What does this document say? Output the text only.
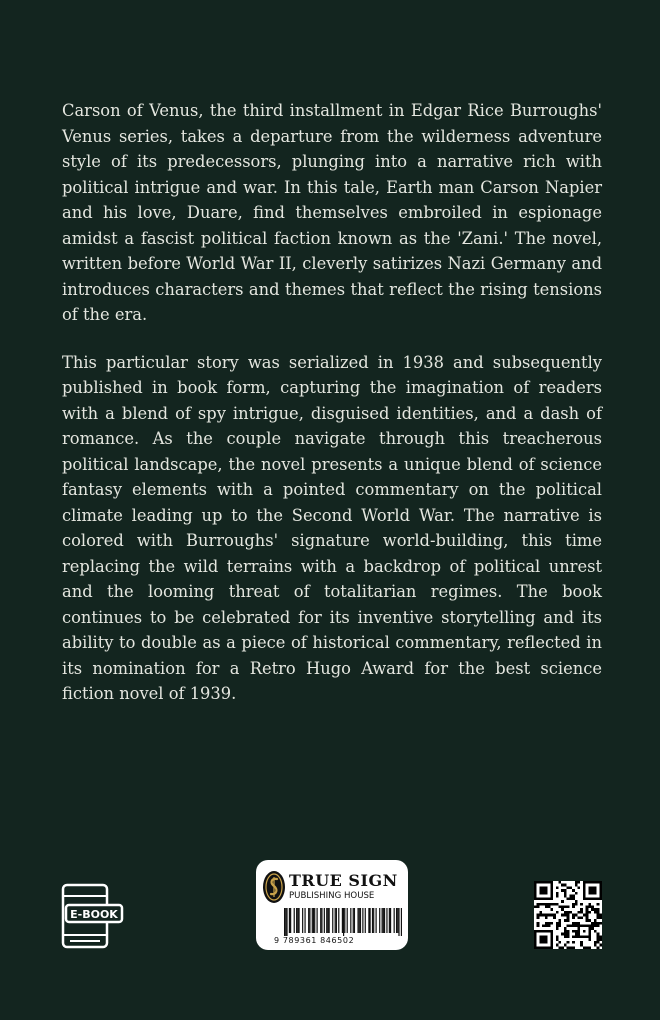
Carson of Venus, the third installment in Edgar Rice Burroughs' Venus series, takes a departure from the wilderness adventure style of its predecessors, plunging into a narrative rich with political intrigue and war. In this tale, Earth man Carson Napier and his love, Duare, find themselves embroiled in espionage amidst a fascist political faction known as the 'Zani.' The novel, written before World War II, cleverly satirizes Nazi Germany and introduces characters and themes that reflect the rising tensions of the era.

This particular story was serialized in 1938 and subsequently published in book form, capturing the imagination of readers with a blend of spy intrigue, disguised identities, and a dash of romance. As the couple navigate through this treacherous political landscape, the novel presents a unique blend of science fantasy elements with a pointed commentary on the political climate leading up to the Second World War. The narrative is colored with Burroughs' signature world-building, this time replacing the wild terrains with a backdrop of political unrest and the looming threat of totalitarian regimes. The book continues to be celebrated for its inventive storytelling and its ability to double as a piece of historical commentary, reflected in its nomination for a Retro Hugo Award for the best science fiction novel of 1939.

E-BOOK
TRUE SIGN
PUBLISHING HOUSE
9 789361 846502
